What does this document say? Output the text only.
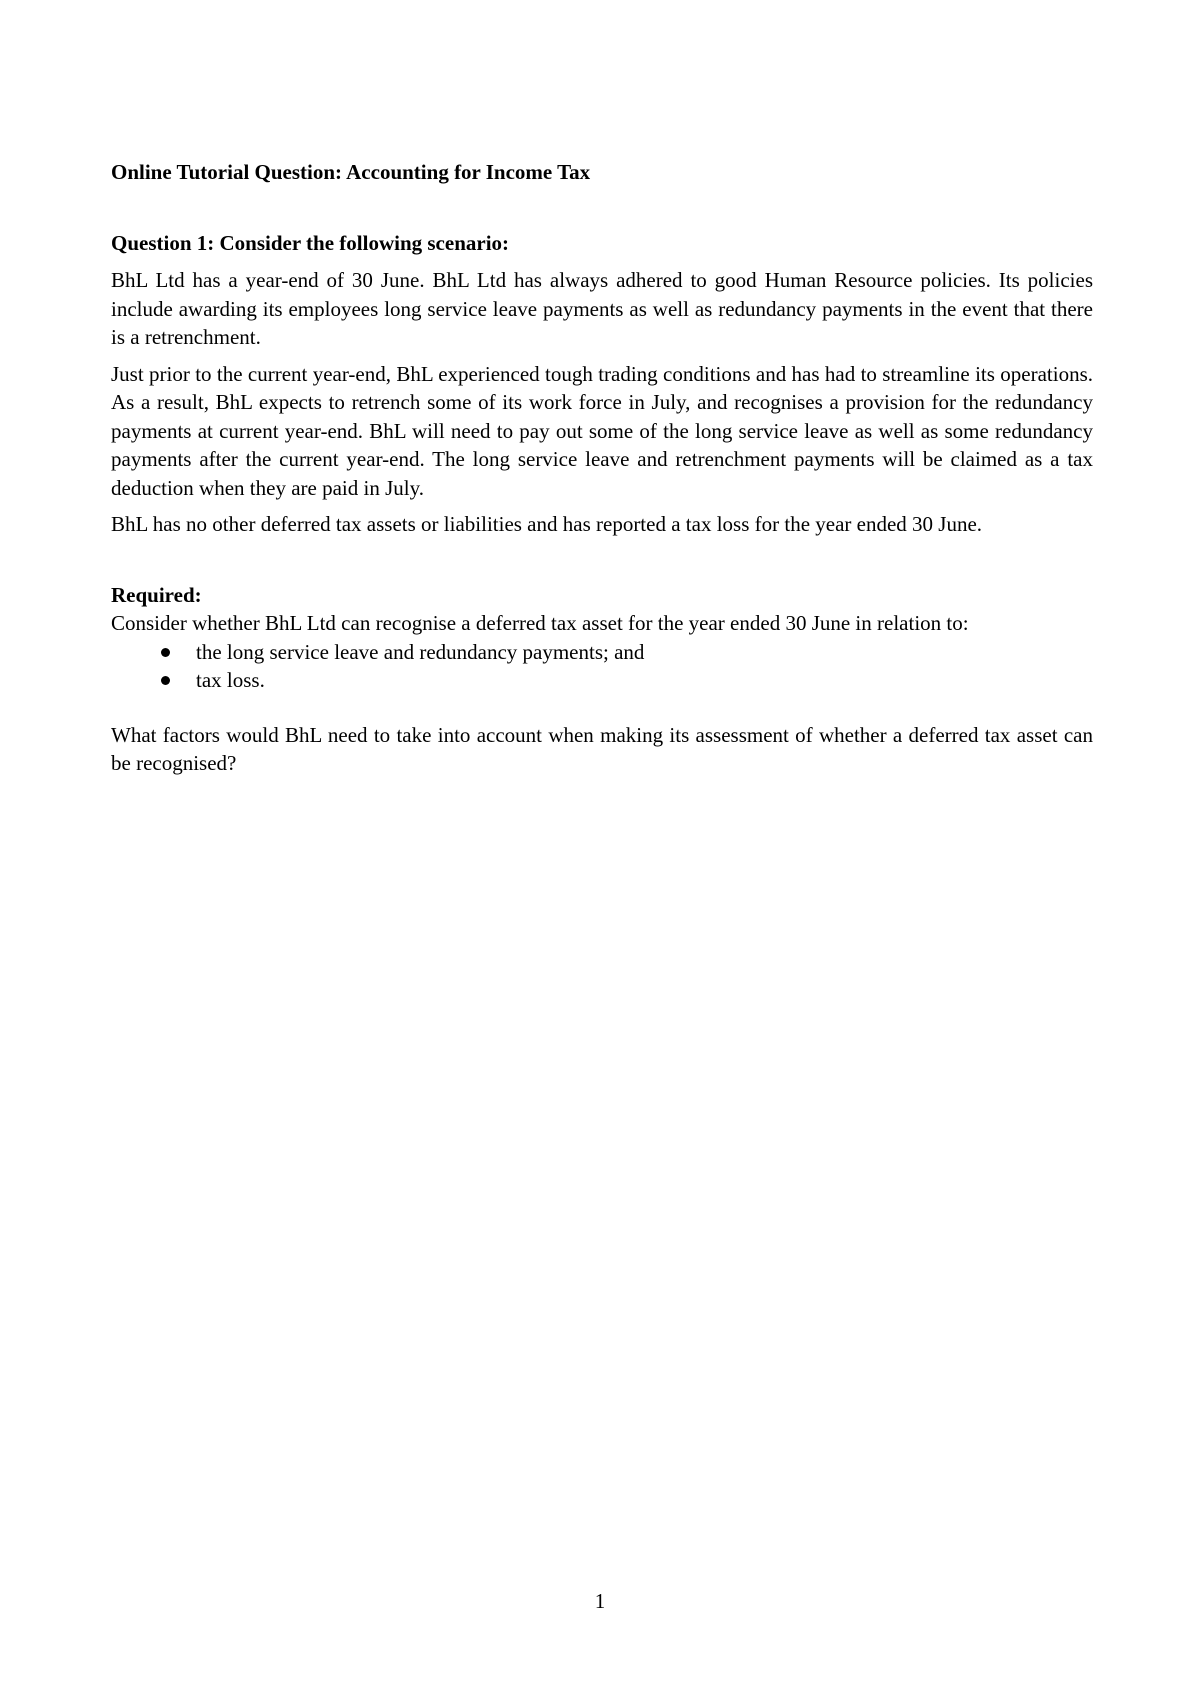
Online Tutorial Question: Accounting for Income Tax
Question 1: Consider the following scenario:

BhL Ltd has a year-end of 30 June. BhL Ltd has always adhered to good Human Resource policies. Its policies include awarding its employees long service leave payments as well as redundancy payments in the event that there is a retrenchment.

Just prior to the current year-end, BhL experienced tough trading conditions and has had to streamline its operations. As a result, BhL expects to retrench some of its work force in July, and recognises a provision for the redundancy payments at current year-end. BhL will need to pay out some of the long service leave as well as some redundancy payments after the current year-end. The long service leave and retrenchment payments will be claimed as a tax deduction when they are paid in July.

BhL has no other deferred tax assets or liabilities and has reported a tax loss for the year ended 30 June.

Required:

Consider whether BhL Ltd can recognise a deferred tax asset for the year ended 30 June in relation to:

the long service leave and redundancy payments; and
tax loss.

What factors would BhL need to take into account when making its assessment of whether a deferred tax asset can be recognised?

1
